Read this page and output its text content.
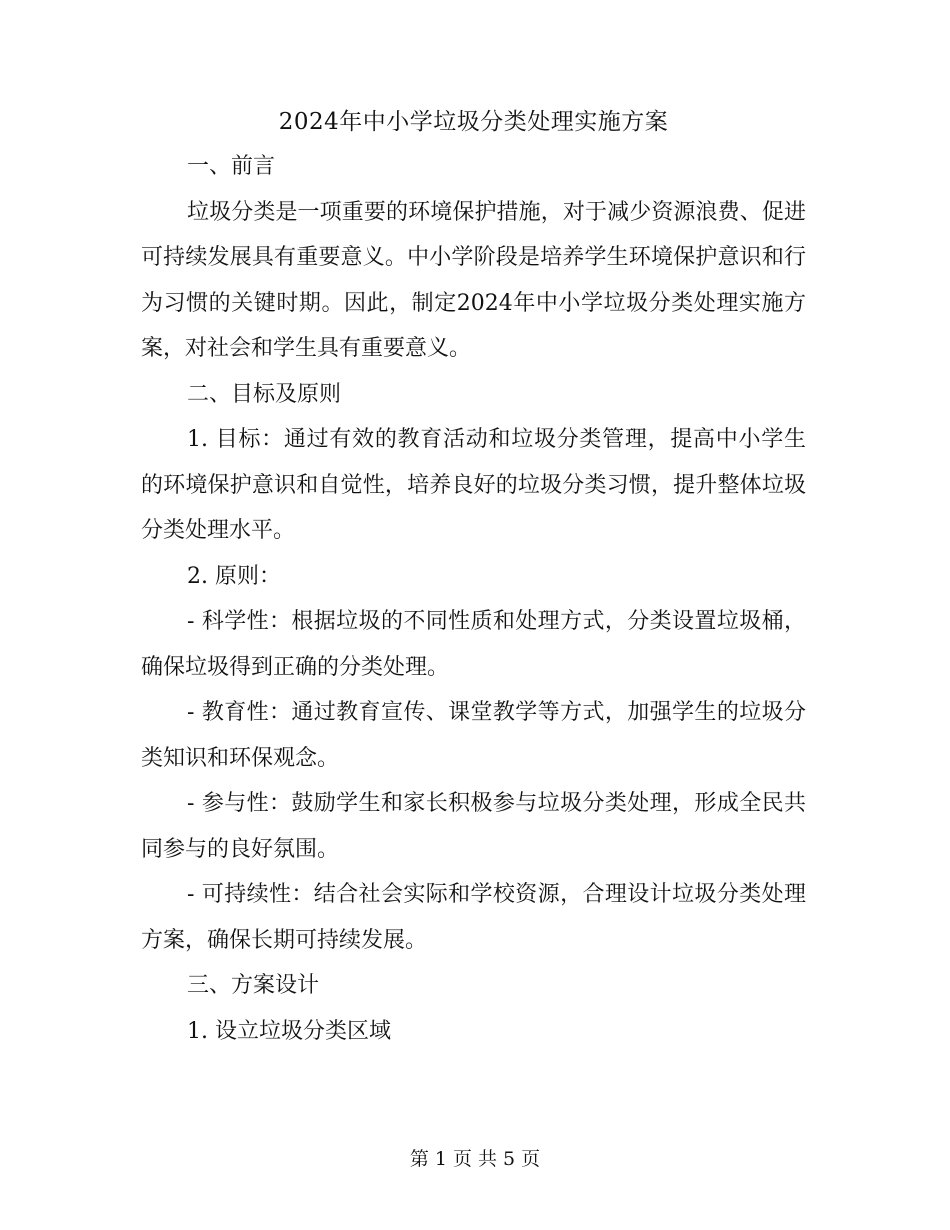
2024年中小学垃圾分类处理实施方案

一、前言

垃圾分类是一项重要的环境保护措施，对于减少资源浪费、促进可持续发展具有重要意义。中小学阶段是培养学生环境保护意识和行为习惯的关键时期。因此，制定2024年中小学垃圾分类处理实施方案，对社会和学生具有重要意义。

二、目标及原则

1. 目标：通过有效的教育活动和垃圾分类管理，提高中小学生的环境保护意识和自觉性，培养良好的垃圾分类习惯，提升整体垃圾分类处理水平。

2. 原则：

- 科学性：根据垃圾的不同性质和处理方式，分类设置垃圾桶，确保垃圾得到正确的分类处理。

- 教育性：通过教育宣传、课堂教学等方式，加强学生的垃圾分类知识和环保观念。

- 参与性：鼓励学生和家长积极参与垃圾分类处理，形成全民共同参与的良好氛围。

- 可持续性：结合社会实际和学校资源，合理设计垃圾分类处理方案，确保长期可持续发展。

三、方案设计

1. 设立垃圾分类区域

第 1 页 共 5 页
